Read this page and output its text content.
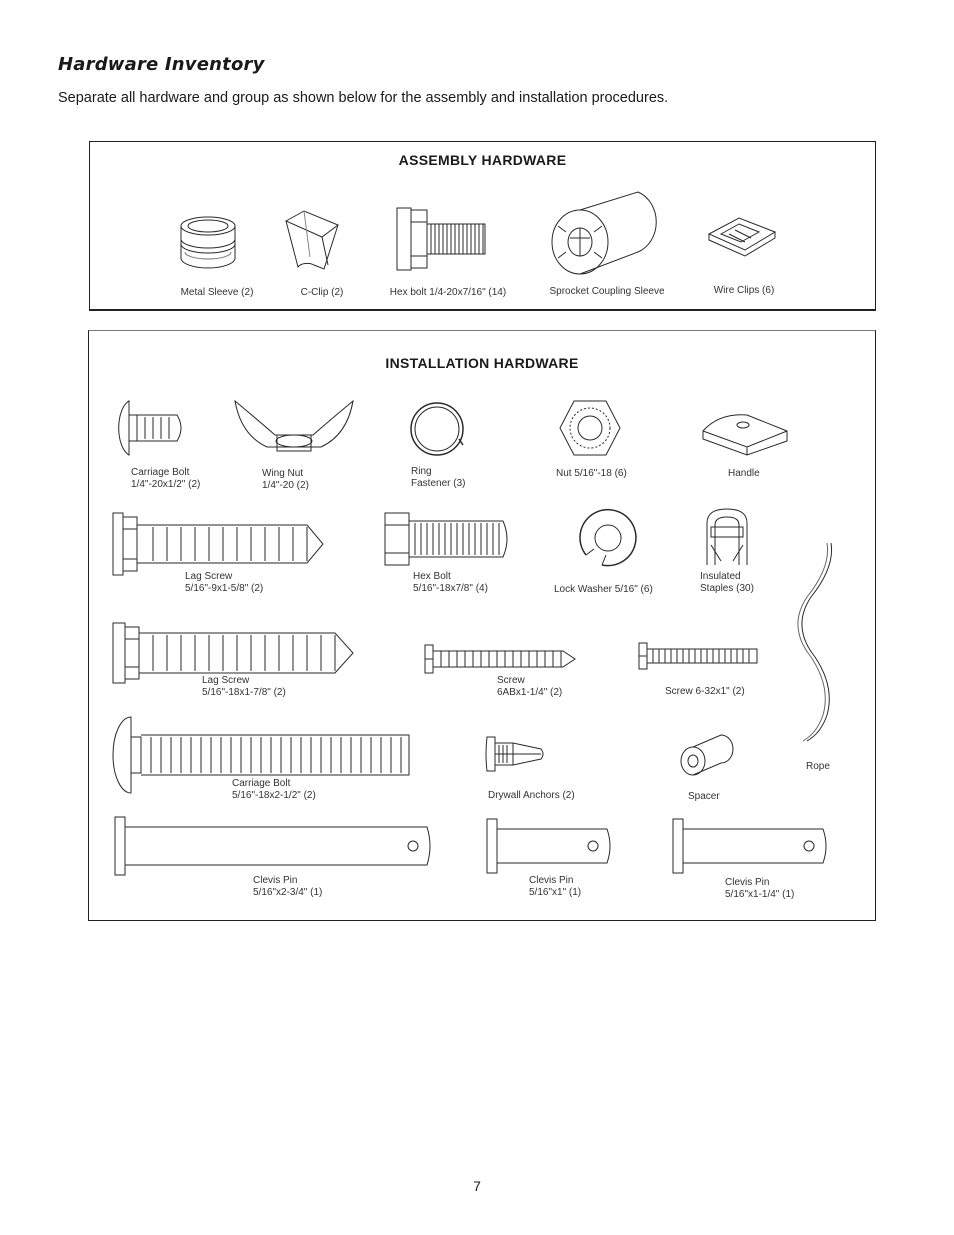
Hardware Inventory

Separate all hardware and group as shown below for the assembly and installation procedures.

ASSEMBLY HARDWARE

Metal Sleeve (2)	C-Clip (2)	Hex bolt 1/4-20x7/16" (14)	Sprocket Coupling Sleeve	Wire Clips (6)

INSTALLATION HARDWARE

Carriage Bolt
1/4"-20x1/2" (2)
Wing Nut
1/4"-20 (2)
Ring
Fastener (3)
Nut 5/16"-18 (6)	Handle
Lag Screw
5/16"-9x1-5/8" (2)
Hex Bolt
5/16"-18x7/8" (4)	Lock Washer 5/16" (6)
Insulated
Staples (30)
Rope
Lag Screw
5/16"-18x1-7/8" (2)
Screw
6ABx1-1/4" (2)	Screw 6-32x1" (2)
Carriage Bolt
5/16"-18x2-1/2" (2)	Drywall Anchors (2)	Spacer
Clevis Pin
5/16"x2-3/4" (1)
Clevis Pin
5/16"x1" (1)
Clevis Pin
5/16"x1-1/4" (1)
7
